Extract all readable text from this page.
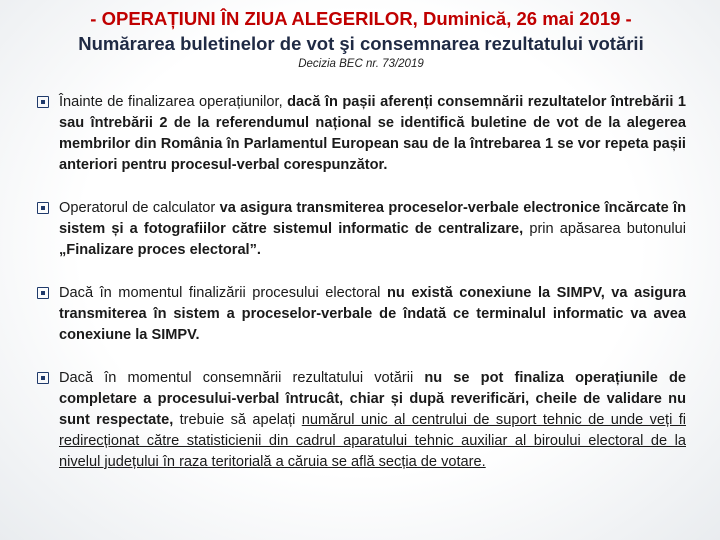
- OPERAȚIUNI ÎN ZIUA ALEGERILOR, Duminică, 26 mai 2019 -
Numărarea buletinelor de vot şi consemnarea rezultatului votării
Decizia BEC nr. 73/2019
Înainte de finalizarea operațiunilor, dacă în pașii aferenți consemnării rezultatelor întrebării 1 sau întrebării 2 de la referendumul național se identifică buletine de vot de la alegerea membrilor din România în Parlamentul European sau de la întrebarea 1 se vor repeta pașii anteriori pentru procesul-verbal corespunzător.
Operatorul de calculator va asigura transmiterea proceselor-verbale electronice încărcate în sistem și a fotografiilor către sistemul informatic de centralizare, prin apăsarea butonului „Finalizare proces electoral”.
Dacă în momentul finalizării procesului electoral nu există conexiune la SIMPV, va asigura transmiterea în sistem a proceselor-verbale de îndată ce terminalul informatic va avea conexiune la SIMPV.
Dacă în momentul consemnării rezultatului votării nu se pot finaliza operațiunile de completare a procesului-verbal întrucât, chiar și după reverificări, cheile de validare nu sunt respectate, trebuie să apelați numărul unic al centrului de suport tehnic de unde veți fi redirecționat către statisticienii din cadrul aparatului tehnic auxiliar al biroului electoral de la nivelul județului în raza teritorială a căruia se află secția de votare.
